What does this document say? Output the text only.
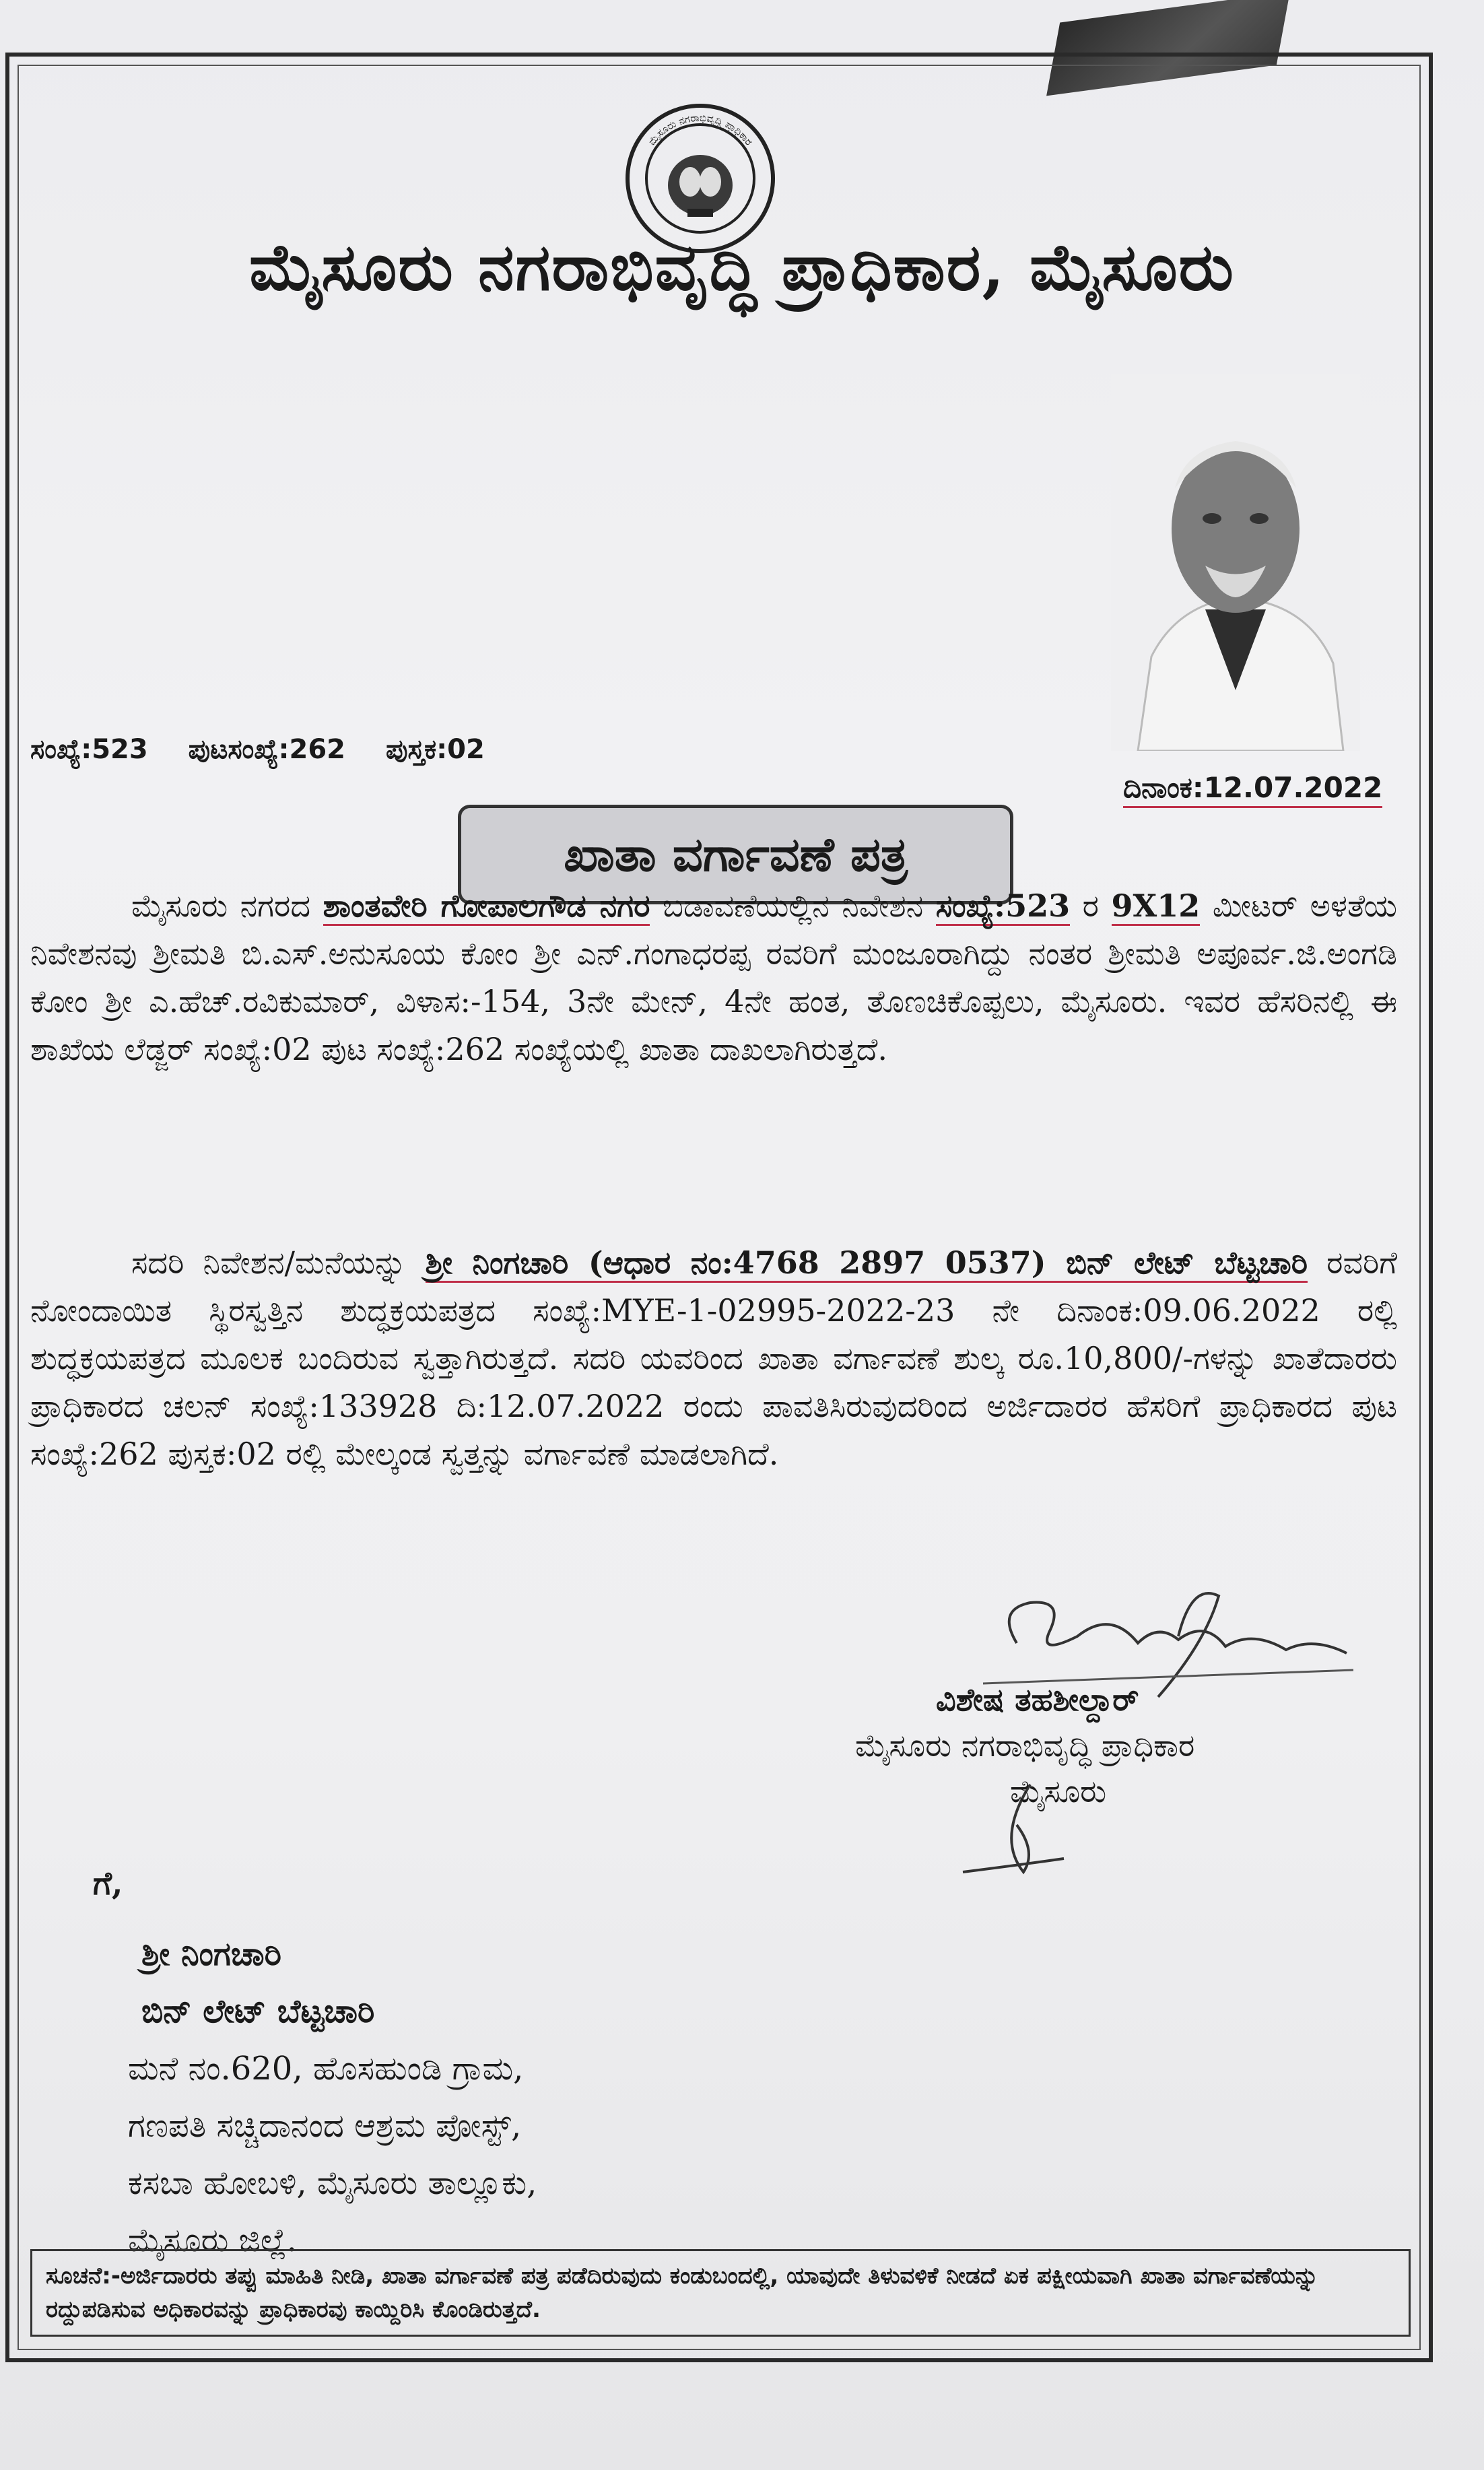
ಮೈಸೂರು ನಗರಾಭಿವೃದ್ಧಿ ಪ್ರಾಧಿಕಾರ
ಮೈಸೂರು ನಗರಾಭಿವೃದ್ಧಿ ಪ್ರಾಧಿಕಾರ, ಮೈಸೂರು
ಸಂಖ್ಯೆ:523 ಪುಟಸಂಖ್ಯೆ:262 ಪುಸ್ತಕ:02
ದಿನಾಂಕ:12.07.2022
ಖಾತಾ ವರ್ಗಾವಣೆ ಪತ್ರ
ಮೈಸೂರು ನಗರದ ಶಾಂತವೇರಿ ಗೋಪಾಲಗೌಡ ನಗರ ಬಡಾವಣೆಯಲ್ಲಿನ ನಿವೇಶನ ಸಂಖ್ಯೆ:523 ರ 9X12 ಮೀಟರ್ ಅಳತೆಯ ನಿವೇಶನವು ಶ್ರೀಮತಿ ಬಿ.ಎಸ್.ಅನುಸೂಯ ಕೋಂ ಶ್ರೀ ಎನ್.ಗಂಗಾಧರಪ್ಪ ರವರಿಗೆ ಮಂಜೂರಾಗಿದ್ದು ನಂತರ ಶ್ರೀಮತಿ ಅಪೂರ್ವ.ಜಿ.ಅಂಗಡಿ ಕೋಂ ಶ್ರೀ ಎ.ಹೆಚ್.ರವಿಕುಮಾರ್, ವಿಳಾಸ:-154, 3ನೇ ಮೇನ್, 4ನೇ ಹಂತ, ತೊಣಚಿಕೊಪ್ಪಲು, ಮೈಸೂರು. ಇವರ ಹೆಸರಿನಲ್ಲಿ ಈ ಶಾಖೆಯ ಲೆಡ್ಜರ್ ಸಂಖ್ಯೆ:02 ಪುಟ ಸಂಖ್ಯೆ:262 ಸಂಖ್ಯೆಯಲ್ಲಿ ಖಾತಾ ದಾಖಲಾಗಿರುತ್ತದೆ.
ಸದರಿ ನಿವೇಶನ/ಮನೆಯನ್ನು ಶ್ರೀ ನಿಂಗಚಾರಿ (ಆಧಾರ ನಂ:4768 2897 0537) ಬಿನ್ ಲೇಟ್ ಬೆಟ್ಟಚಾರಿ ರವರಿಗೆ ನೋಂದಾಯಿತ ಸ್ಥಿರಸ್ವತ್ತಿನ ಶುದ್ಧಕ್ರಯಪತ್ರದ ಸಂಖ್ಯೆ:MYE-1-02995-2022-23 ನೇ ದಿನಾಂಕ:09.06.2022 ರಲ್ಲಿ ಶುದ್ಧಕ್ರಯಪತ್ರದ ಮೂಲಕ ಬಂದಿರುವ ಸ್ವತ್ತಾಗಿರುತ್ತದೆ. ಸದರಿ ಯವರಿಂದ ಖಾತಾ ವರ್ಗಾವಣೆ ಶುಲ್ಕ ರೂ.10,800/-ಗಳನ್ನು ಖಾತೆದಾರರು ಪ್ರಾಧಿಕಾರದ ಚಲನ್ ಸಂಖ್ಯೆ:133928 ದಿ:12.07.2022 ರಂದು ಪಾವತಿಸಿರುವುದರಿಂದ ಅರ್ಜಿದಾರರ ಹೆಸರಿಗೆ ಪ್ರಾಧಿಕಾರದ ಪುಟ ಸಂಖ್ಯೆ:262 ಪುಸ್ತಕ:02 ರಲ್ಲಿ ಮೇಲ್ಕಂಡ ಸ್ವತ್ತನ್ನು ವರ್ಗಾವಣೆ ಮಾಡಲಾಗಿದೆ.
ವಿಶೇಷ ತಹಶೀಲ್ದಾರ್
ಮೈಸೂರು ನಗರಾಭಿವೃದ್ಧಿ ಪ್ರಾಧಿಕಾರ
ಮೈಸೂರು
ಗೆ,
ಶ್ರೀ ನಿಂಗಚಾರಿ
ಬಿನ್ ಲೇಟ್ ಬೆಟ್ಟಚಾರಿ
ಮನೆ ನಂ.620, ಹೊಸಹುಂಡಿ ಗ್ರಾಮ,
ಗಣಪತಿ ಸಚ್ಚಿದಾನಂದ ಆಶ್ರಮ ಪೋಸ್ಟ್,
ಕಸಬಾ ಹೋಬಳಿ, ಮೈಸೂರು ತಾಲ್ಲೂಕು,
ಮೈಸೂರು ಜಿಲ್ಲೆ.
ಸೂಚನೆ:-ಅರ್ಜಿದಾರರು ತಪ್ಪು ಮಾಹಿತಿ ನೀಡಿ, ಖಾತಾ ವರ್ಗಾವಣೆ ಪತ್ರ ಪಡೆದಿರುವುದು ಕಂಡುಬಂದಲ್ಲಿ, ಯಾವುದೇ ತಿಳುವಳಿಕೆ ನೀಡದೆ ಏಕ ಪಕ್ಷೀಯವಾಗಿ ಖಾತಾ ವರ್ಗಾವಣೆಯನ್ನು ರದ್ದುಪಡಿಸುವ ಅಧಿಕಾರವನ್ನು ಪ್ರಾಧಿಕಾರವು ಕಾಯ್ದಿರಿಸಿ ಕೊಂಡಿರುತ್ತದೆ.
